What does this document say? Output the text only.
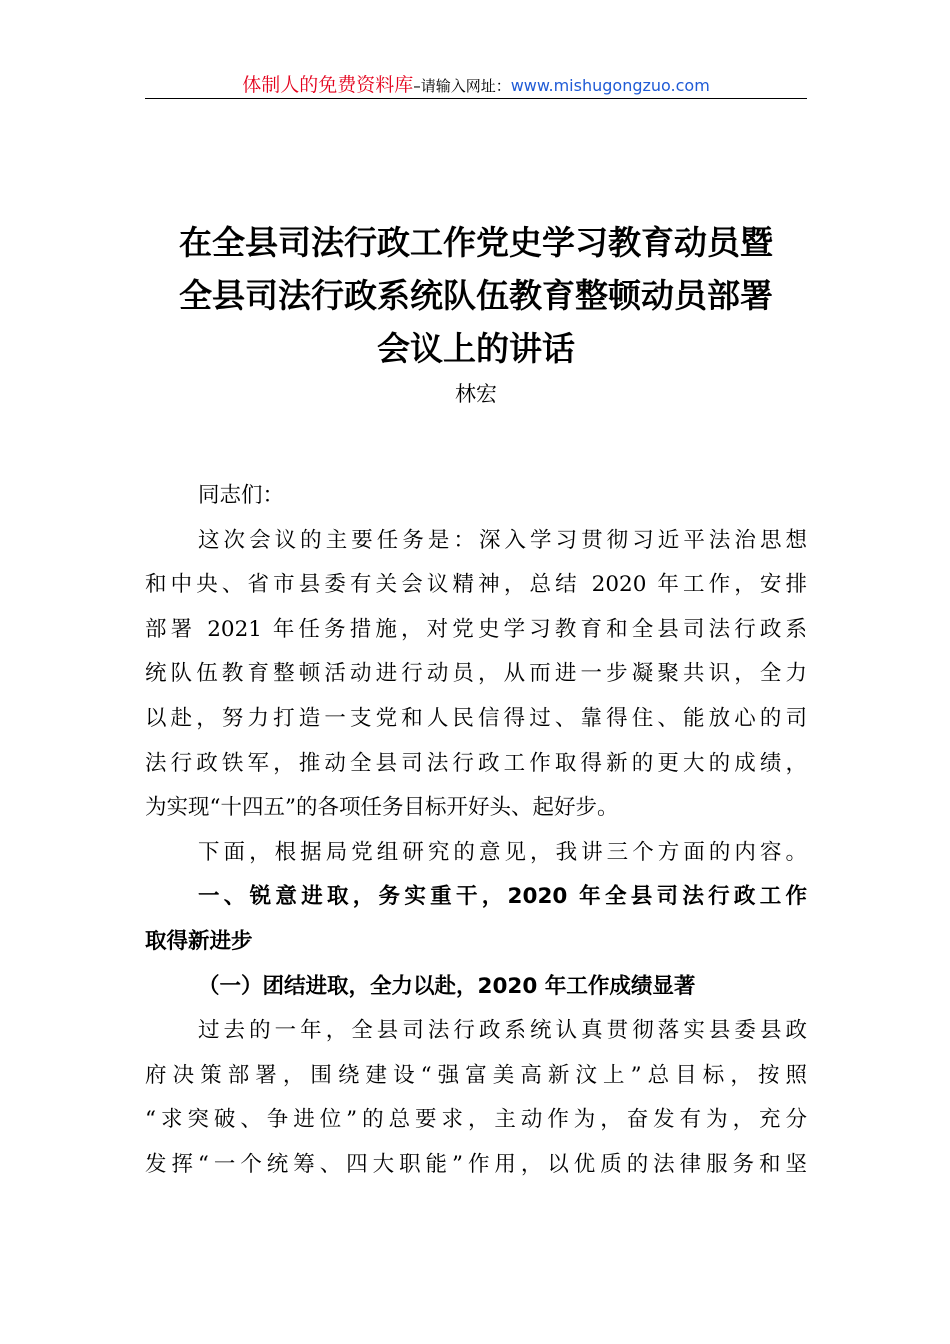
体制人的免费资料库–请输入网址：www.mishugongzuo.com
在全县司法行政工作党史学习教育动员暨
全县司法行政系统队伍教育整顿动员部署
会议上的讲话
林宏
同志们：
这次会议的主要任务是：深入学习贯彻习近平法治思想
和中央、省市县委有关会议精神，总结 2020 年工作，安排
部署 2021 年任务措施，对党史学习教育和全县司法行政系
统队伍教育整顿活动进行动员，从而进一步凝聚共识，全力
以赴，努力打造一支党和人民信得过、靠得住、能放心的司
法行政铁军，推动全县司法行政工作取得新的更大的成绩，
为实现“十四五”的各项任务目标开好头、起好步。
下面，根据局党组研究的意见，我讲三个方面的内容。
一、锐意进取，务实重干，2020 年全县司法行政工作
取得新进步
（一）团结进取，全力以赴，2020 年工作成绩显著
过去的一年，全县司法行政系统认真贯彻落实县委县政
府决策部署，围绕建设“强富美高新汶上”总目标，按照
“求突破、争进位”的总要求，主动作为，奋发有为，充分
发挥“一个统筹、四大职能”作用，以优质的法律服务和坚
